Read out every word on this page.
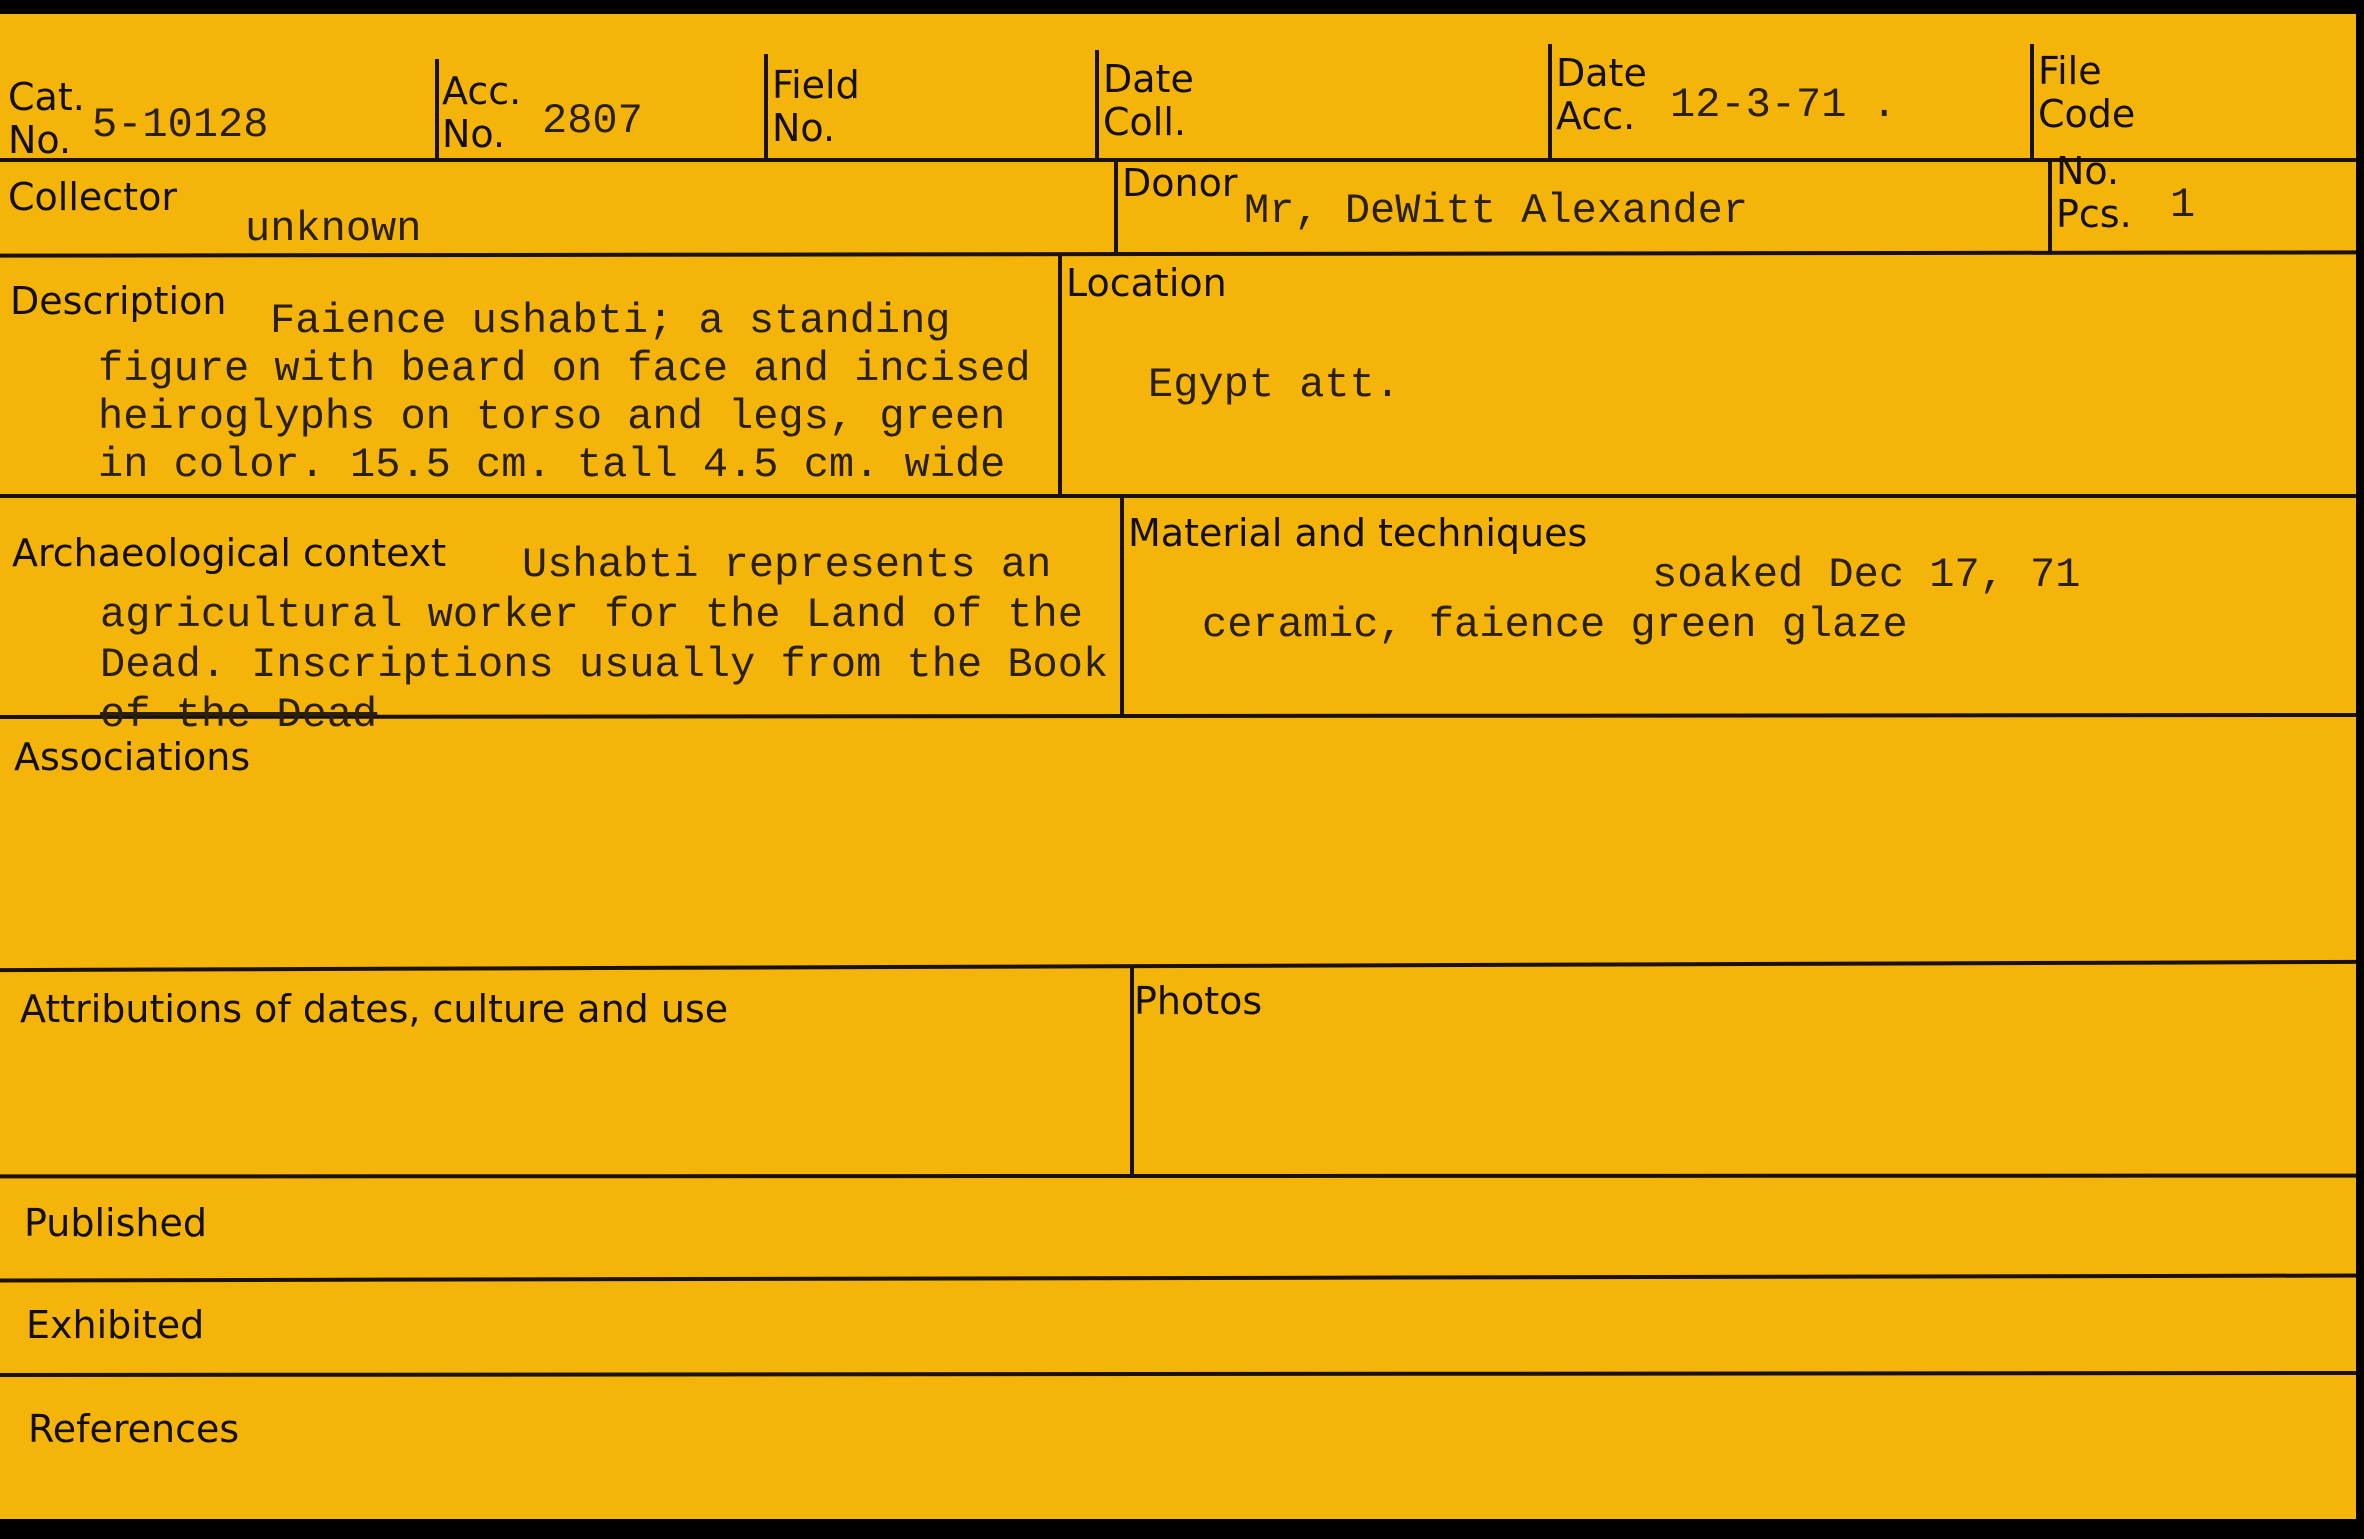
Cat.
No. 5-10128
Acc.
No. 2807
Field
No.
Date
Coll.
Date
Acc. 12-3-71 .
File
Code
Collector
unknown
Donor
Mr, DeWitt Alexander
No.
Pcs. 1
Description Faience ushabti; a standing
figure with beard on face and incised
heiroglyphs on torso and legs, green
in color. 15.5 cm. tall 4.5 cm. wide
Location
Egypt att.
Archaeological context Ushabti represents an
agricultural worker for the Land of the
Dead. Inscriptions usually from the Book
of the Dead
Material and techniques
soaked Dec 17, 71
ceramic, faience green glaze
Associations
Attributions of dates, culture and use	Photos
Published
Exhibited
References
